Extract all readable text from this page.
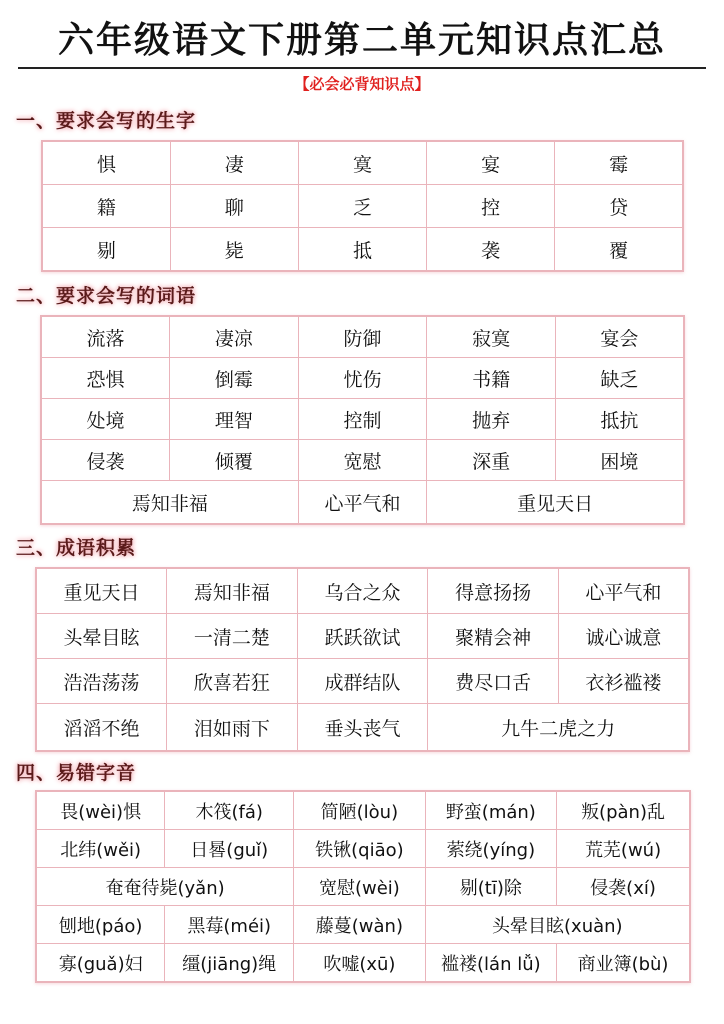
六年级语文下册第二单元知识点汇总
【必会必背知识点】
一、要求会写的生字
惧	凄	寞	宴	霉
籍	聊	乏	控	贷
剔	毙	抵	袭	覆
二、要求会写的词语
流落	凄凉	防御	寂寞	宴会
恐惧	倒霉	忧伤	书籍	缺乏
处境	理智	控制	抛弃	抵抗
侵袭	倾覆	宽慰	深重	困境
焉知非福		心平气和	重见天日	
三、成语积累
重见天日	焉知非福	乌合之众	得意扬扬	心平气和
头晕目眩	一清二楚	跃跃欲试	聚精会神	诚心诚意
浩浩荡荡	欣喜若狂	成群结队	费尽口舌	衣衫褴褛
滔滔不绝	泪如雨下	垂头丧气	九牛二虎之力	
四、易错字音
畏(wèi)惧	木筏(fá)	简陋(lòu)	野蛮(mán)	叛(pàn)乱
北纬(wěi)	日晷(guǐ)	铁锹(qiāo)	萦绕(yíng)	荒芜(wú)
奄奄待毙(yǎn)		宽慰(wèi)	剔(tī)除	侵袭(xí)
刨地(páo)	黑莓(méi)	藤蔓(wàn)	头晕目眩(xuàn)	
寡(guǎ)妇	缰(jiāng)绳	吹嘘(xū)	褴褛(lán lǚ)	商业簿(bù)
